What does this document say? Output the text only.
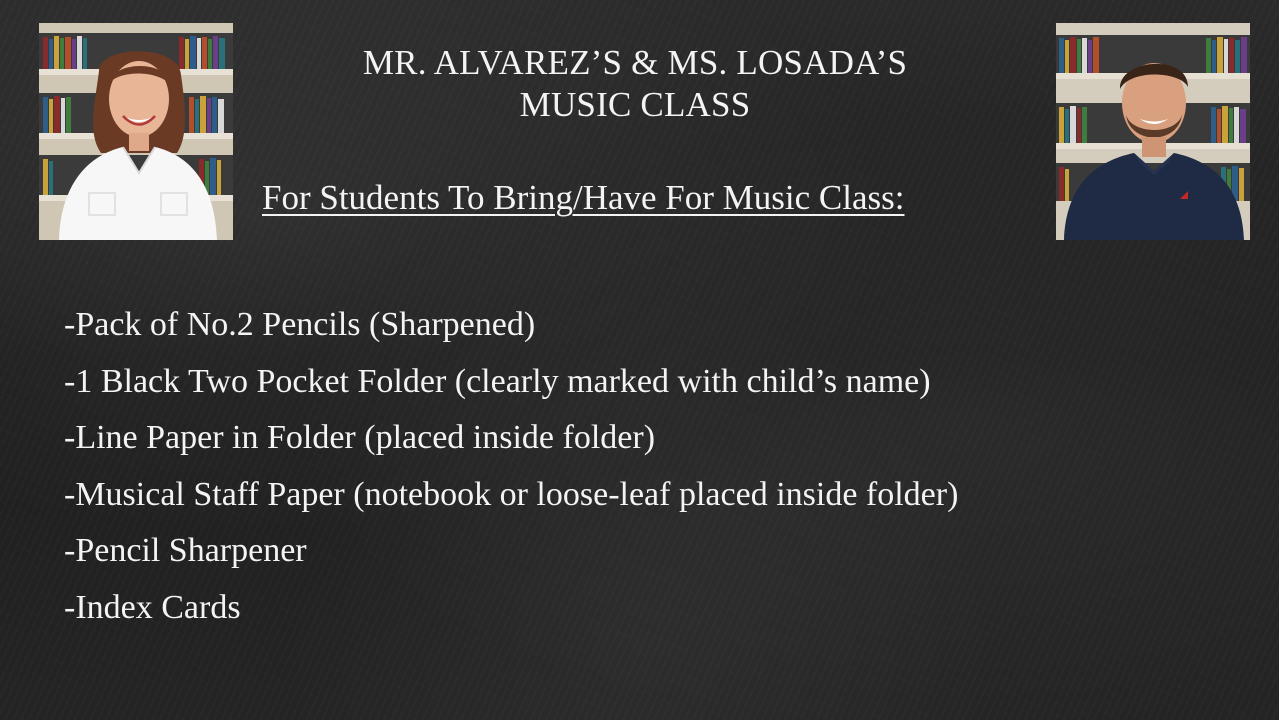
MR. ALVAREZ’S & MS. LOSADA’S
MUSIC CLASS
For Students To Bring/Have For Music Class:
-Pack of No.2 Pencils (Sharpened)
-1 Black Two Pocket Folder (clearly marked with child’s name)
-Line Paper in Folder (placed inside folder)
-Musical Staff Paper (notebook or loose-leaf placed inside folder)
-Pencil Sharpener
-Index Cards
